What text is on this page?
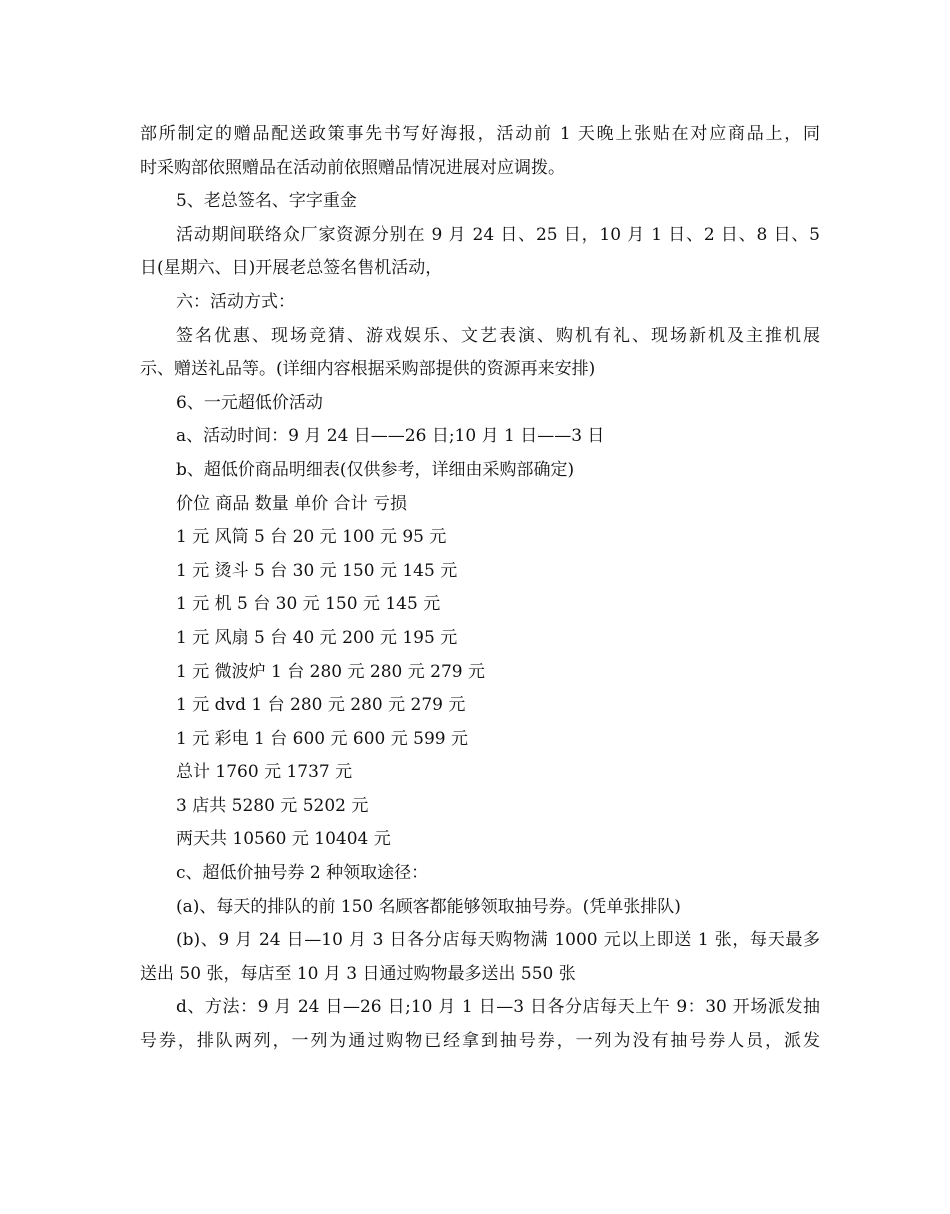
部所制定的赠品配送政策事先书写好海报，活动前 1 天晚上张贴在对应商品上，同
时采购部依照赠品在活动前依照赠品情况进展对应调拨。
5、老总签名、字字重金
活动期间联络众厂家资源分别在 9 月 24 日、25 日，10 月 1 日、2 日、8 日、5
日(星期六、日)开展老总签名售机活动，
六：活动方式：
签名优惠、现场竞猜、游戏娱乐、文艺表演、购机有礼、现场新机及主推机展
示、赠送礼品等。(详细内容根据采购部提供的资源再来安排)
6、一元超低价活动
a、活动时间：9 月 24 日——26 日;10 月 1 日——3 日
b、超低价商品明细表(仅供参考，详细由采购部确定)
价位 商品 数量 单价 合计 亏损
1 元 风筒 5 台 20 元 100 元 95 元
1 元 烫斗 5 台 30 元 150 元 145 元
1 元 机 5 台 30 元 150 元 145 元
1 元 风扇 5 台 40 元 200 元 195 元
1 元 微波炉 1 台 280 元 280 元 279 元
1 元 dvd 1 台 280 元 280 元 279 元
1 元 彩电 1 台 600 元 600 元 599 元
总计 1760 元 1737 元
3 店共 5280 元 5202 元
两天共 10560 元 10404 元
c、超低价抽号券 2 种领取途径：
(a)、每天的排队的前 150 名顾客都能够领取抽号券。(凭单张排队)
(b)、9 月 24 日—10 月 3 日各分店每天购物满 1000 元以上即送 1 张，每天最多
送出 50 张，每店至 10 月 3 日通过购物最多送出 550 张
d、方法：9 月 24 日—26 日;10 月 1 日—3 日各分店每天上午 9：30 开场派发抽
号券，排队两列，一列为通过购物已经拿到抽号券，一列为没有抽号券人员，派发
